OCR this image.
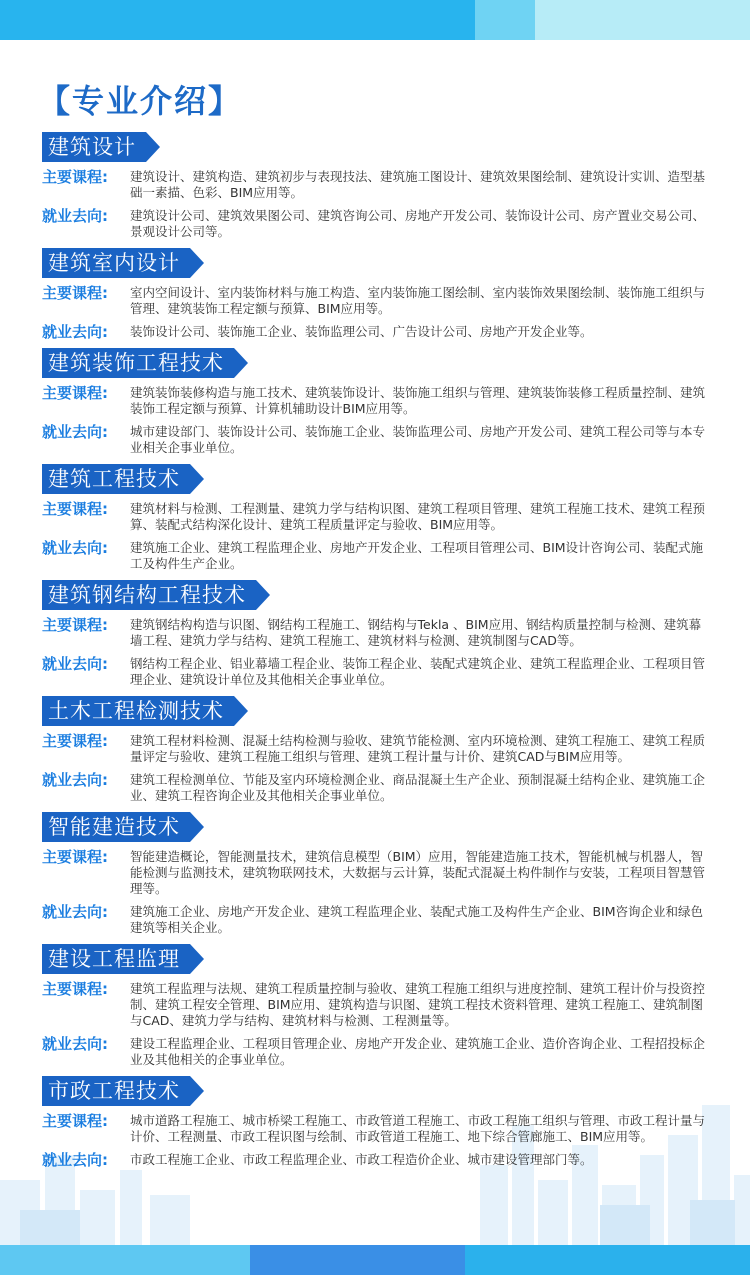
【专业介绍】
建筑设计
主要课程: 建筑设计、建筑构造、建筑初步与表现技法、建筑施工图设计、建筑效果图绘制、建筑设计实训、造型基础一素描、色彩、BIM应用等。
就业去向: 建筑设计公司、建筑效果图公司、建筑咨询公司、房地产开发公司、装饰设计公司、房产置业交易公司、景观设计公司等。
建筑室内设计
主要课程: 室内空间设计、室内装饰材料与施工构造、室内装饰施工图绘制、室内装饰效果图绘制、装饰施工组织与管理、建筑装饰工程定额与预算、BIM应用等。
就业去向: 装饰设计公司、装饰施工企业、装饰监理公司、广告设计公司、房地产开发企业等。
建筑装饰工程技术
主要课程: 建筑装饰装修构造与施工技术、建筑装饰设计、装饰施工组织与管理、建筑装饰装修工程质量控制、建筑装饰工程定额与预算、计算机辅助设计BIM应用等。
就业去向: 城市建设部门、装饰设计公司、装饰施工企业、装饰监理公司、房地产开发公司、建筑工程公司等与本专业相关企事业单位。
建筑工程技术
主要课程: 建筑材料与检测、工程测量、建筑力学与结构识图、建筑工程项目管理、建筑工程施工技术、建筑工程预算、装配式结构深化设计、建筑工程质量评定与验收、BIM应用等。
就业去向: 建筑施工企业、建筑工程监理企业、房地产开发企业、工程项目管理公司、BIM设计咨询公司、装配式施工及构件生产企业。
建筑钢结构工程技术
主要课程: 建筑钢结构构造与识图、钢结构工程施工、钢结构与Tekla 、BIM应用、钢结构质量控制与检测、建筑幕墙工程、建筑力学与结构、建筑工程施工、建筑材料与检测、建筑制图与CAD等。
就业去向: 钢结构工程企业、铝业幕墙工程企业、装饰工程企业、装配式建筑企业、建筑工程监理企业、工程项目管理企业、建筑设计单位及其他相关企事业单位。
土木工程检测技术
主要课程: 建筑工程材料检测、混凝土结构检测与验收、建筑节能检测、室内环境检测、建筑工程施工、建筑工程质量评定与验收、建筑工程施工组织与管理、建筑工程计量与计价、建筑CAD与BIM应用等。
就业去向: 建筑工程检测单位、节能及室内环境检测企业、商品混凝土生产企业、预制混凝土结构企业、建筑施工企业、建筑工程咨询企业及其他相关企事业单位。
智能建造技术
主要课程: 智能建造概论，智能测量技术，建筑信息模型（BIM）应用，智能建造施工技术，智能机械与机器人，智能检测与监测技术，建筑物联网技术，大数据与云计算，装配式混凝土构件制作与安装，工程项目智慧管理等。
就业去向: 建筑施工企业、房地产开发企业、建筑工程监理企业、装配式施工及构件生产企业、BIM咨询企业和绿色建筑等相关企业。
建设工程监理
主要课程: 建筑工程监理与法规、建筑工程质量控制与验收、建筑工程施工组织与进度控制、建筑工程计价与投资控制、建筑工程安全管理、BIM应用、建筑构造与识图、建筑工程技术资料管理、建筑工程施工、建筑制图与CAD、建筑力学与结构、建筑材料与检测、工程测量等。
就业去向: 建设工程监理企业、工程项目管理企业、房地产开发企业、建筑施工企业、造价咨询企业、工程招投标企业及其他相关的企事业单位。
市政工程技术
主要课程: 城市道路工程施工、城市桥梁工程施工、市政管道工程施工、市政工程施工组织与管理、市政工程计量与计价、工程测量、市政工程识图与绘制、市政管道工程施工、地下综合管廊施工、BIM应用等。
就业去向: 市政工程施工企业、市政工程监理企业、市政工程造价企业、城市建设管理部门等。
